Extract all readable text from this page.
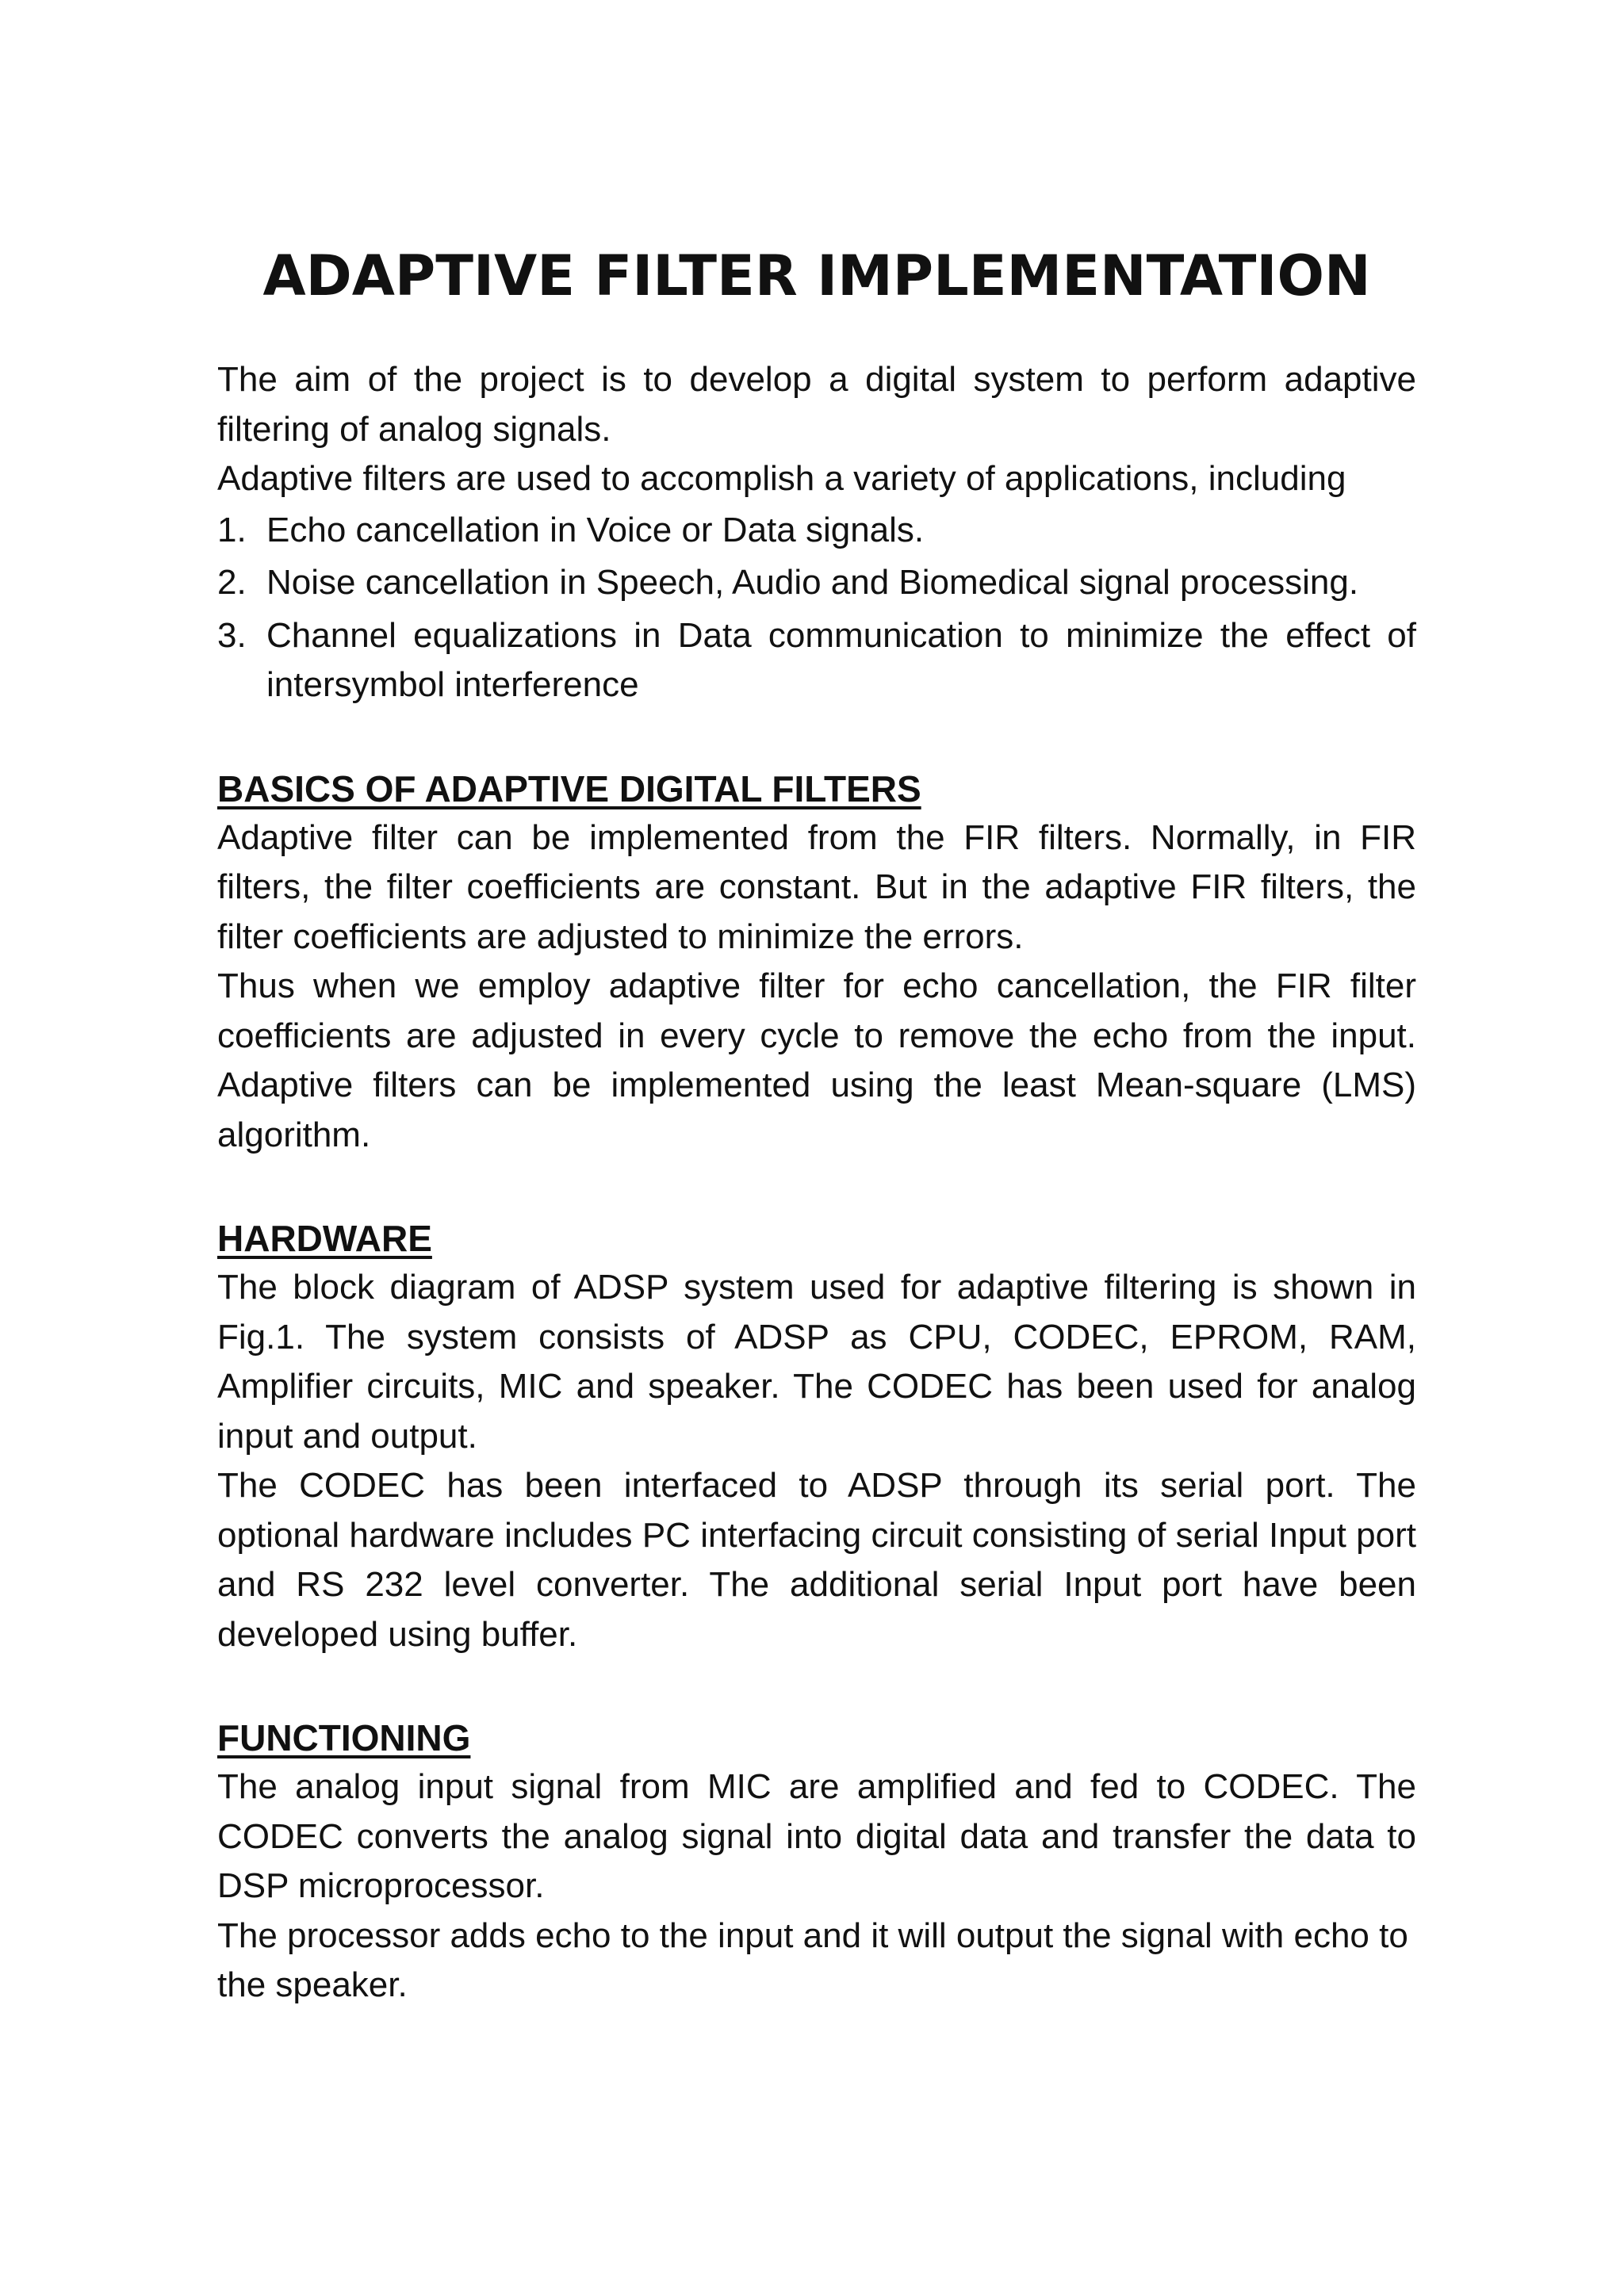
ADAPTIVE FILTER IMPLEMENTATION

The aim of the project is to develop a digital system to perform adaptive filtering of analog signals.

Adaptive filters are used to accomplish a variety of applications, including

1. Echo cancellation in Voice or Data signals.
2. Noise cancellation in Speech, Audio and Biomedical signal processing.
3. Channel equalizations in Data communication to minimize the effect of intersymbol interference
BASICS OF ADAPTIVE DIGITAL FILTERS

Adaptive filter can be implemented from the FIR filters. Normally, in FIR filters, the filter coefficients are constant. But in the adaptive FIR filters, the filter coefficients are adjusted to minimize the errors.

Thus when we employ adaptive filter for echo cancellation, the FIR filter coefficients are adjusted in every cycle to remove the echo from the input. Adaptive filters can be implemented using the least Mean-square (LMS) algorithm.

HARDWARE

The block diagram of ADSP system used for adaptive filtering is shown in Fig.1. The system consists of ADSP as CPU, CODEC, EPROM, RAM, Amplifier circuits, MIC and speaker. The CODEC has been used for analog input and output.

The CODEC has been interfaced to ADSP through its serial port. The optional hardware includes PC interfacing circuit consisting of serial Input port and RS 232 level converter. The additional serial Input port have been developed using buffer.

FUNCTIONING

The analog input signal from MIC are amplified and fed to CODEC. The CODEC converts the analog signal into digital data and transfer the data to DSP microprocessor.

The processor adds echo to the input and it will output the signal with echo to the speaker.
